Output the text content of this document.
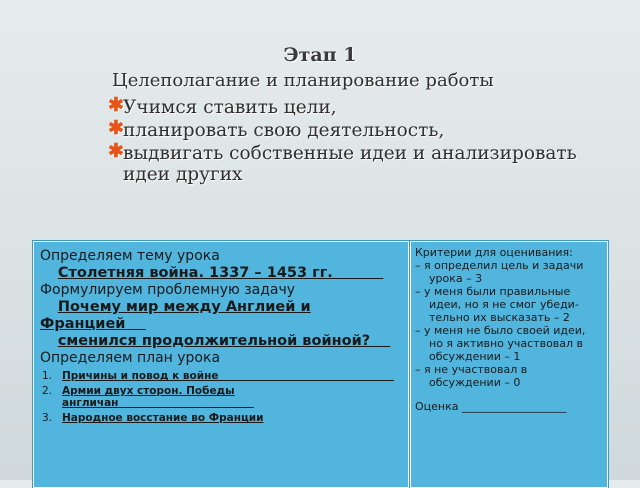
Этап 1
Целеполагание и планирование работы
✱ Учимся ставить цели,
✱ планировать свою деятельность,
✱ выдвигать собственные идеи и анализировать идеи других
Определяем тему урока
Столетняя война. 1337 – 1453 гг.
Формулируем проблемную задачу
Почему мир между Англией и Францией
сменился продолжительной войной?
Определяем план урока
1. Причины и повод к войне
2. Армии двух сторон. Победы англичан
3. Народное восстание во Франции
Критерии для оценивания:
– я определил цель и задачи
урока – 3
– у меня были правильные
идеи, но я не смог убеди-
тельно их высказать – 2
– у меня не было своей идеи,
но я активно участвовал в
обсуждении – 1
– я не участвовал в
обсуждении – 0
Оценка ___________________
